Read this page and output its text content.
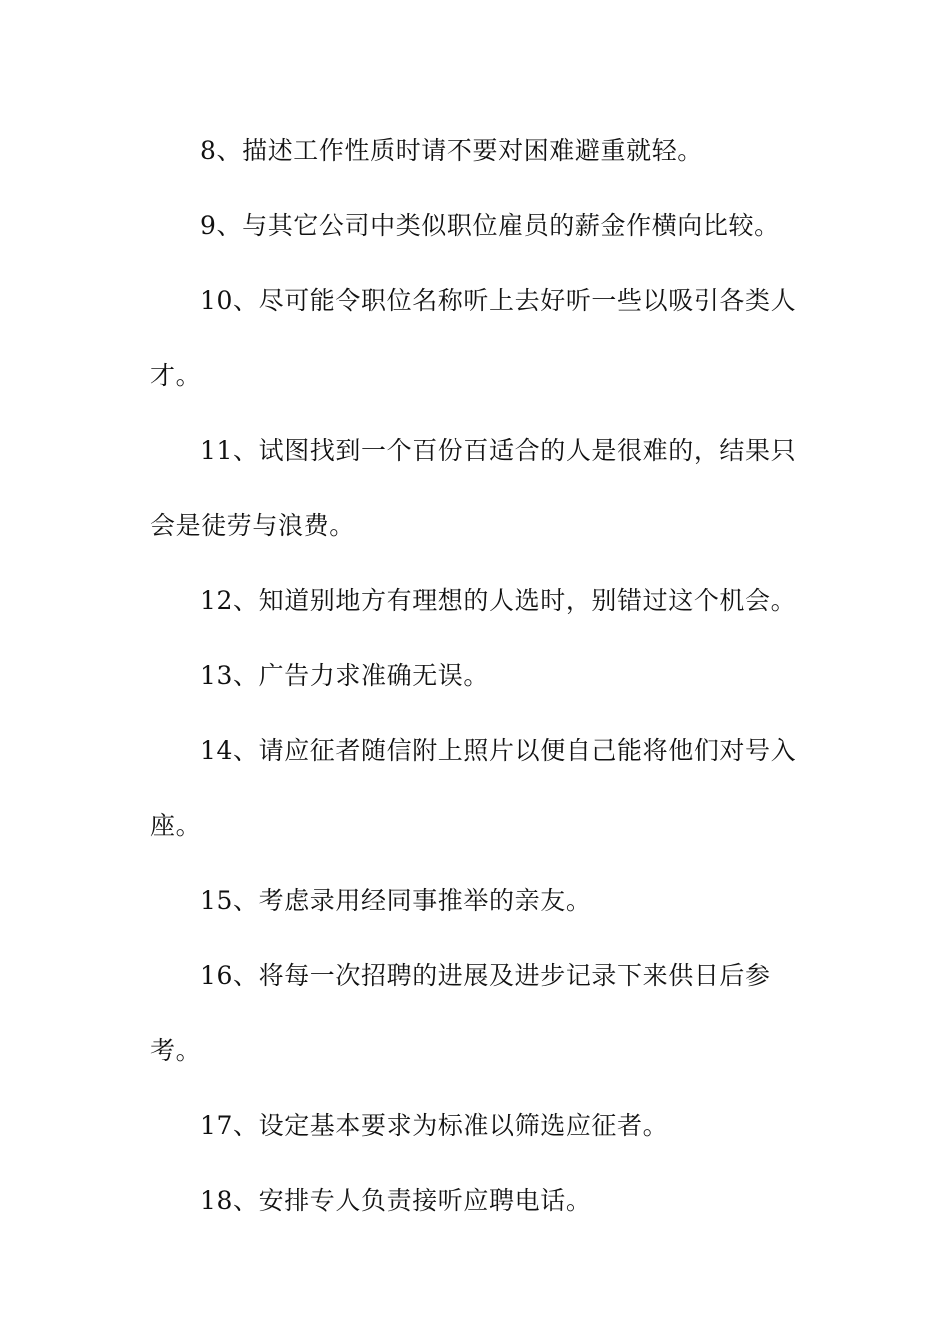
8、描述工作性质时请不要对困难避重就轻。

9、与其它公司中类似职位雇员的薪金作横向比较。

10、尽可能令职位名称听上去好听一些以吸引各类人才。

11、试图找到一个百份百适合的人是很难的，结果只会是徒劳与浪费。

12、知道别地方有理想的人选时，别错过这个机会。

13、广告力求准确无误。

14、请应征者随信附上照片以便自己能将他们对号入座。

15、考虑录用经同事推举的亲友。

16、将每一次招聘的进展及进步记录下来供日后参考。

17、设定基本要求为标准以筛选应征者。

18、安排专人负责接听应聘电话。
